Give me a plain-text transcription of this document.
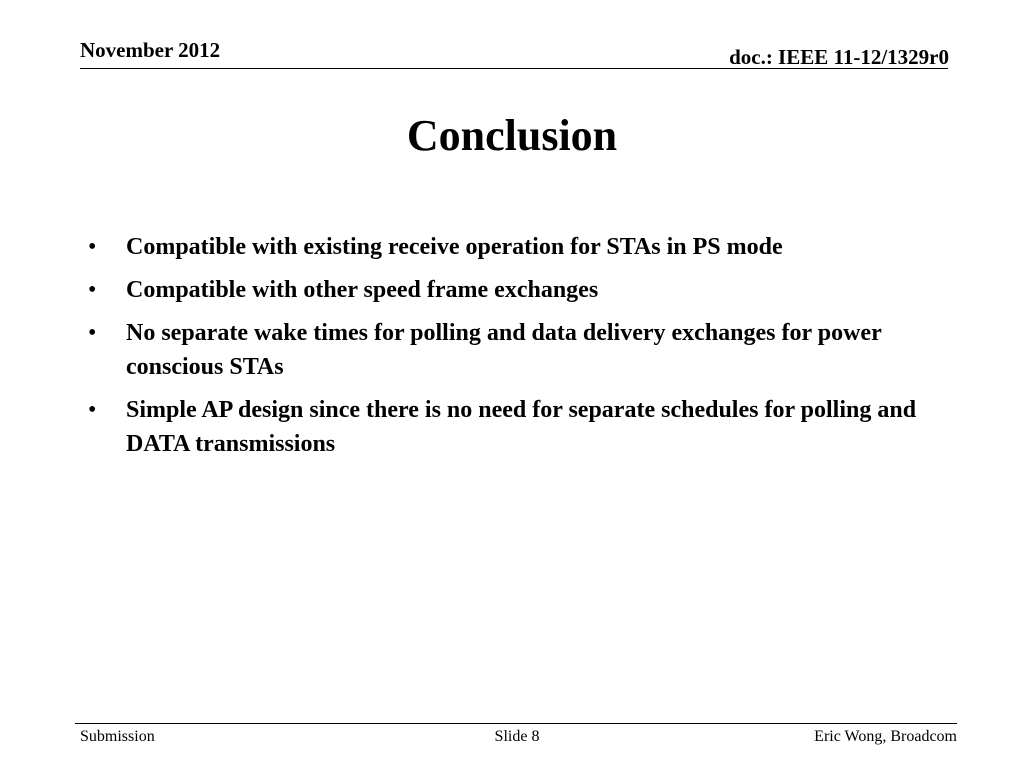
November 2012	doc.: IEEE 11-12/1329r0
Conclusion
• Compatible with existing receive operation for STAs in PS mode
• Compatible with other speed frame exchanges
• No separate wake times for polling and data delivery exchanges for power conscious STAs
• Simple AP design since there is no need for separate schedules for polling and DATA transmissions
Submission	Slide 8	Eric Wong, Broadcom
